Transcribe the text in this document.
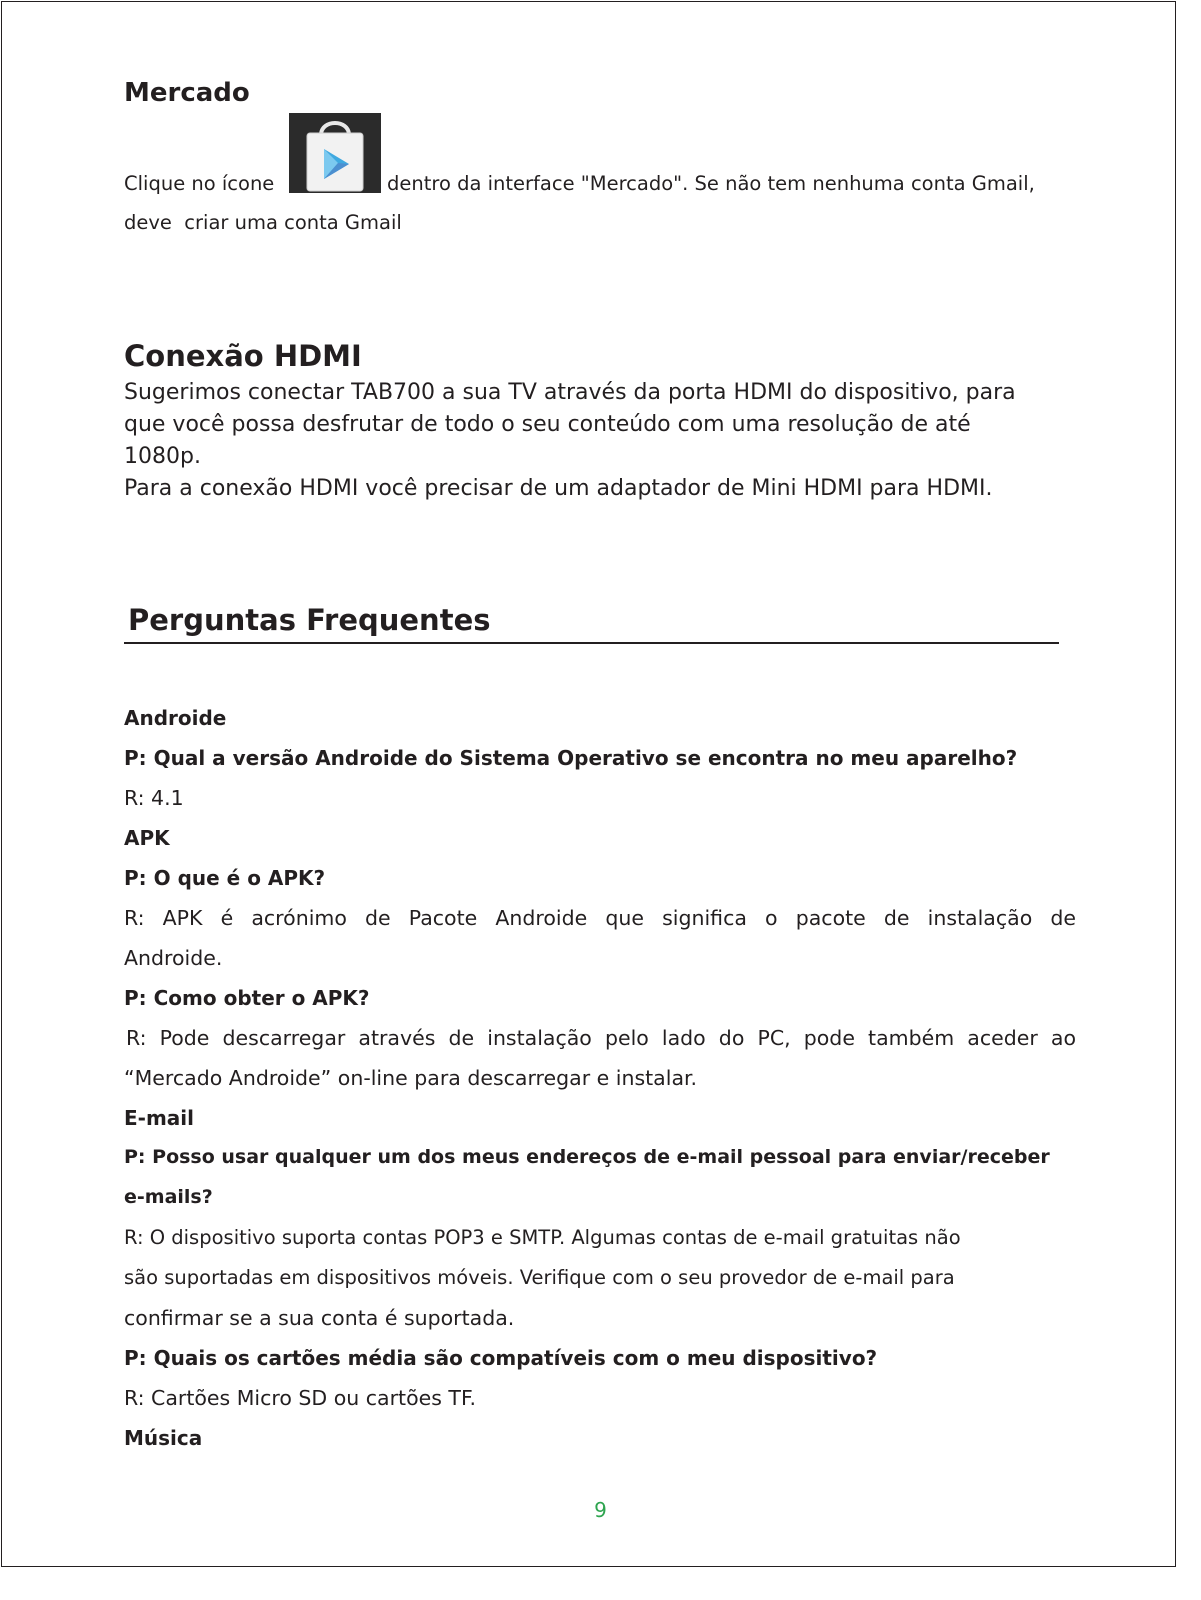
Mercado
Clique no ícone	dentro da interface "Mercado". Se não tem nenhuma conta Gmail,
deve  criar uma conta Gmail
Conexão HDMI
Sugerimos conectar TAB700 a sua TV através da porta HDMI do dispositivo, para
que você possa desfrutar de todo o seu conteúdo com uma resolução de até
1080p.
Para a conexão HDMI você precisar de um adaptador de Mini HDMI para HDMI.
Perguntas Frequentes
Androide
P: Qual a versão Androide do Sistema Operativo se encontra no meu aparelho?
R: 4.1
APK
P: O que é o APK?
R: APK é acrónimo de Pacote Androide que significa o pacote de instalação de
Androide.
P: Como obter o APK?
R: Pode descarregar através de instalação pelo lado do PC, pode também aceder ao
“Mercado Androide” on-line para descarregar e instalar.
E-mail
P: Posso usar qualquer um dos meus endereços de e-mail pessoal para enviar/receber
e-mails?
R: O dispositivo suporta contas POP3 e SMTP. Algumas contas de e-mail gratuitas não
são suportadas em dispositivos móveis. Verifique com o seu provedor de e-mail para
confirmar se a sua conta é suportada.
P: Quais os cartões média são compatíveis com o meu dispositivo?
R: Cartões Micro SD ou cartões TF.
Música
9
